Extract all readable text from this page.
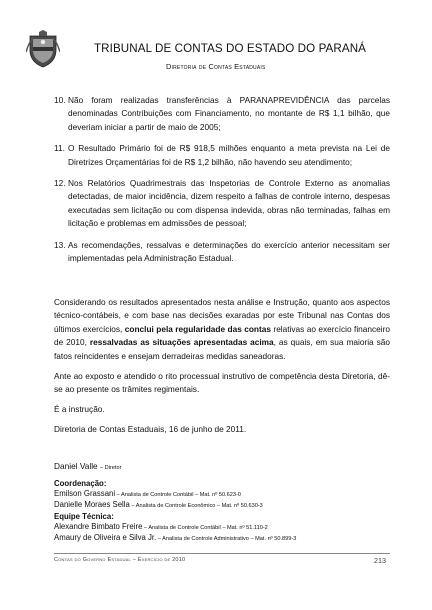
TRIBUNAL DE CONTAS DO ESTADO DO PARANÁ
Diretoria de Contas Estaduais
10. Não foram realizadas transferências à PARANAPREVIDÊNCIA das parcelas denominadas Contribuições com Financiamento, no montante de R$ 1,1 bilhão, que deveriam iniciar a partir de maio de 2005;
11. O Resultado Primário foi de R$ 918,5 milhões enquanto a meta prevista na Lei de Diretrizes Orçamentárias foi de R$ 1,2 bilhão, não havendo seu atendimento;
12. Nos Relatórios Quadrimestrais das Inspetorias de Controle Externo as anomalias detectadas, de maior incidência, dizem respeito a falhas de controle interno, despesas executadas sem licitação ou com dispensa indevida, obras não terminadas, falhas em licitação e problemas em admissões de pessoal;
13. As recomendações, ressalvas e determinações do exercício anterior necessitam ser implementadas pela Administração Estadual.

Considerando os resultados apresentados nesta análise e Instrução, quanto aos aspectos técnico-contábeis, e com base nas decisões exaradas por este Tribunal nas Contas dos últimos exercícios, conclui pela regularidade das contas relativas ao exercício financeiro de 2010, ressalvadas as situações apresentadas acima, as quais, em sua maioria são fatos reincidentes e ensejam derradeiras medidas saneadoras.

Ante ao exposto e atendido o rito processual instrutivo de competência desta Diretoria, dê-se ao presente os trâmites regimentais.

É a instrução.

Diretoria de Contas Estaduais, 16 de junho de 2011.

Daniel Valle – Diretor
Coordenação:
Emilson Grassani – Analista de Controle Contábil – Mat. nº 50.623-0
Danielle Moraes Sella – Analista de Controle Econômico – Mat. nº 50.630-3
Equipe Técnica:
Alexandre Bimbato Freire – Analista de Controle Contábil – Mat. nº 51.110-2
Amaury de Oliveira e Silva Jr. – Analista de Controle Administrativo – Mat. nº 50.899-3
Contas do Governo Estadual – Exercício de 2010	213
